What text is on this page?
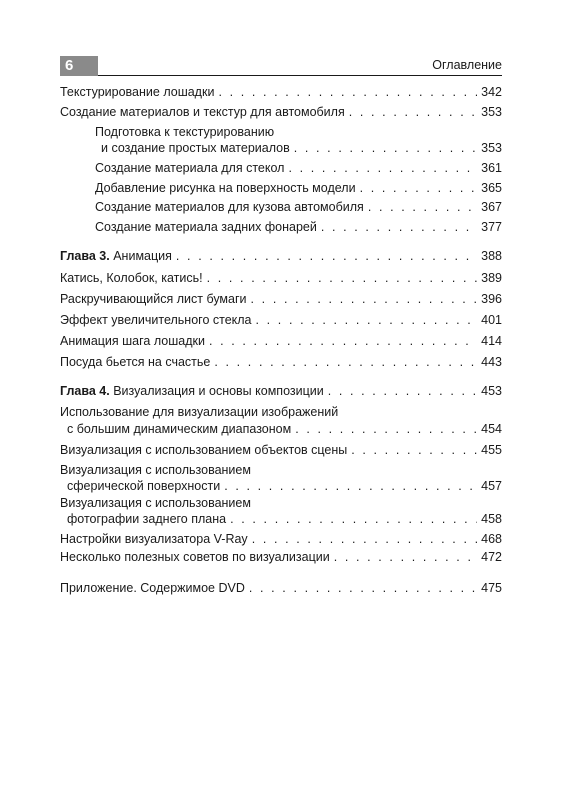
6	Оглавление
Текстурирование лошадки . . .	342
Создание материалов и текстур для автомобиля . . .	353
Подготовка к текстурированию
и создание простых материалов . . .	353
Создание материала для стекол . . .	361
Добавление рисунка на поверхность модели . . .	365
Создание материалов для кузова автомобиля . . .	367
Создание материала задних фонарей . . .	377
Глава 3. Анимация . . .	388
Катись, Колобок, катись! . . .	389
Раскручивающийся лист бумаги . . .	396
Эффект увеличительного стекла . . .	401
Анимация шага лошадки . . .	414
Посуда бьется на счастье . . .	443
Глава 4. Визуализация и основы композиции . . .	453
Использование для визуализации изображений
с большим динамическим диапазоном . . .	454
Визуализация с использованием объектов сцены . . .	455
Визуализация с использованием
сферической поверхности . . .	457
Визуализация с использованием
фотографии заднего плана . . .	458
Настройки визуализатора V-Ray . . .	468
Несколько полезных советов по визуализации . . .	472
Приложение. Содержимое DVD . . .	475
